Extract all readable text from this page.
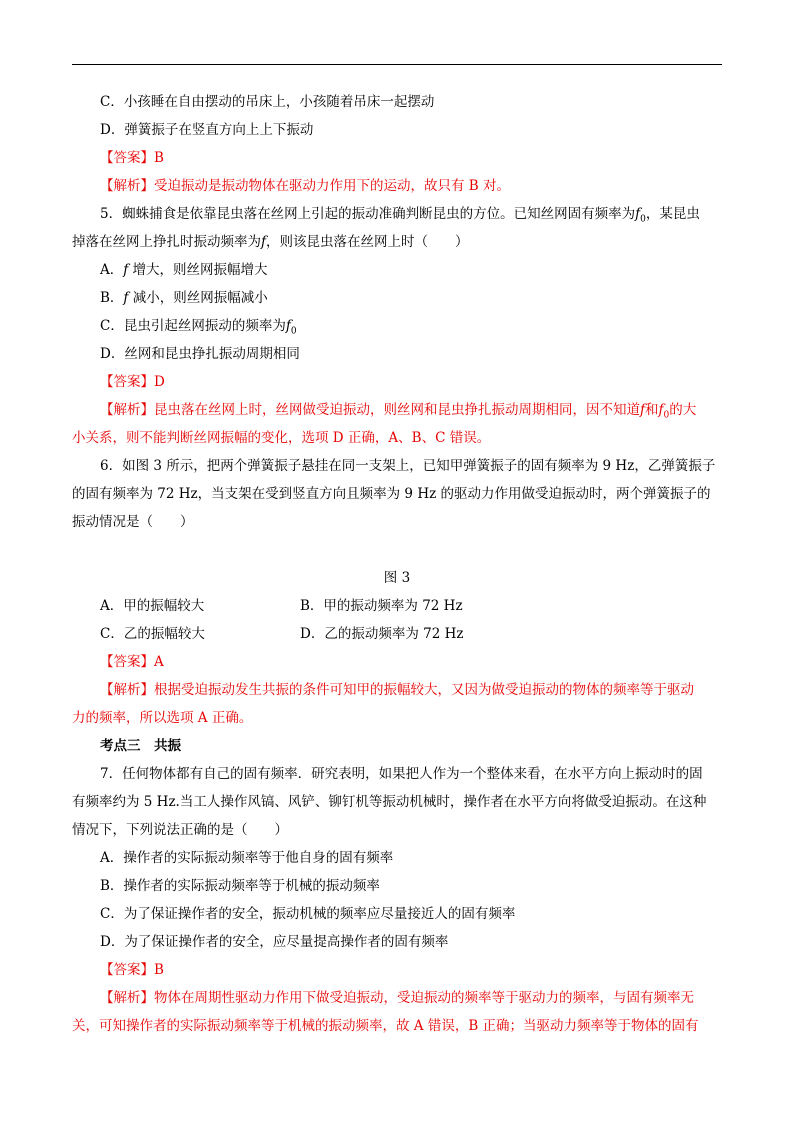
C．小孩睡在自由摆动的吊床上，小孩随着吊床一起摆动
D．弹簧振子在竖直方向上上下振动
【答案】B
【解析】受迫振动是振动物体在驱动力作用下的运动，故只有 B 对。
5．蜘蛛捕食是依靠昆虫落在丝网上引起的振动准确判断昆虫的方位。已知丝网固有频率为$f_0$，某昆虫
掉落在丝网上挣扎时振动频率为f，则该昆虫落在丝网上时（　　）
A．f 增大，则丝网振幅增大
B．f 减小，则丝网振幅减小
C．昆虫引起丝网振动的频率为$f_0$
D．丝网和昆虫挣扎振动周期相同
【答案】D
【解析】昆虫落在丝网上时，丝网做受迫振动，则丝网和昆虫挣扎振动周期相同，因不知道f和$f_0$的大
小关系，则不能判断丝网振幅的变化，选项 D 正确，A、B、C 错误。
6．如图 3 所示，把两个弹簧振子悬挂在同一支架上，已知甲弹簧振子的固有频率为 9 Hz，乙弹簧振子
的固有频率为 72 Hz，当支架在受到竖直方向且频率为 9 Hz 的驱动力作用做受迫振动时，两个弹簧振子的
振动情况是（　　）
图 3
A．甲的振幅较大	B．甲的振动频率为 72 Hz
C．乙的振幅较大	D．乙的振动频率为 72 Hz
【答案】A
【解析】根据受迫振动发生共振的条件可知甲的振幅较大，又因为做受迫振动的物体的频率等于驱动
力的频率，所以选项 A 正确。
考点三　共振
7．任何物体都有自己的固有频率．研究表明，如果把人作为一个整体来看，在水平方向上振动时的固
有频率约为 5 Hz.当工人操作风镐、风铲、铆钉机等振动机械时，操作者在水平方向将做受迫振动。在这种
情况下，下列说法正确的是（　　）
A．操作者的实际振动频率等于他自身的固有频率
B．操作者的实际振动频率等于机械的振动频率
C．为了保证操作者的安全，振动机械的频率应尽量接近人的固有频率
D．为了保证操作者的安全，应尽量提高操作者的固有频率
【答案】B
【解析】物体在周期性驱动力作用下做受迫振动，受迫振动的频率等于驱动力的频率，与固有频率无
关，可知操作者的实际振动频率等于机械的振动频率，故 A 错误，B 正确；当驱动力频率等于物体的固有
